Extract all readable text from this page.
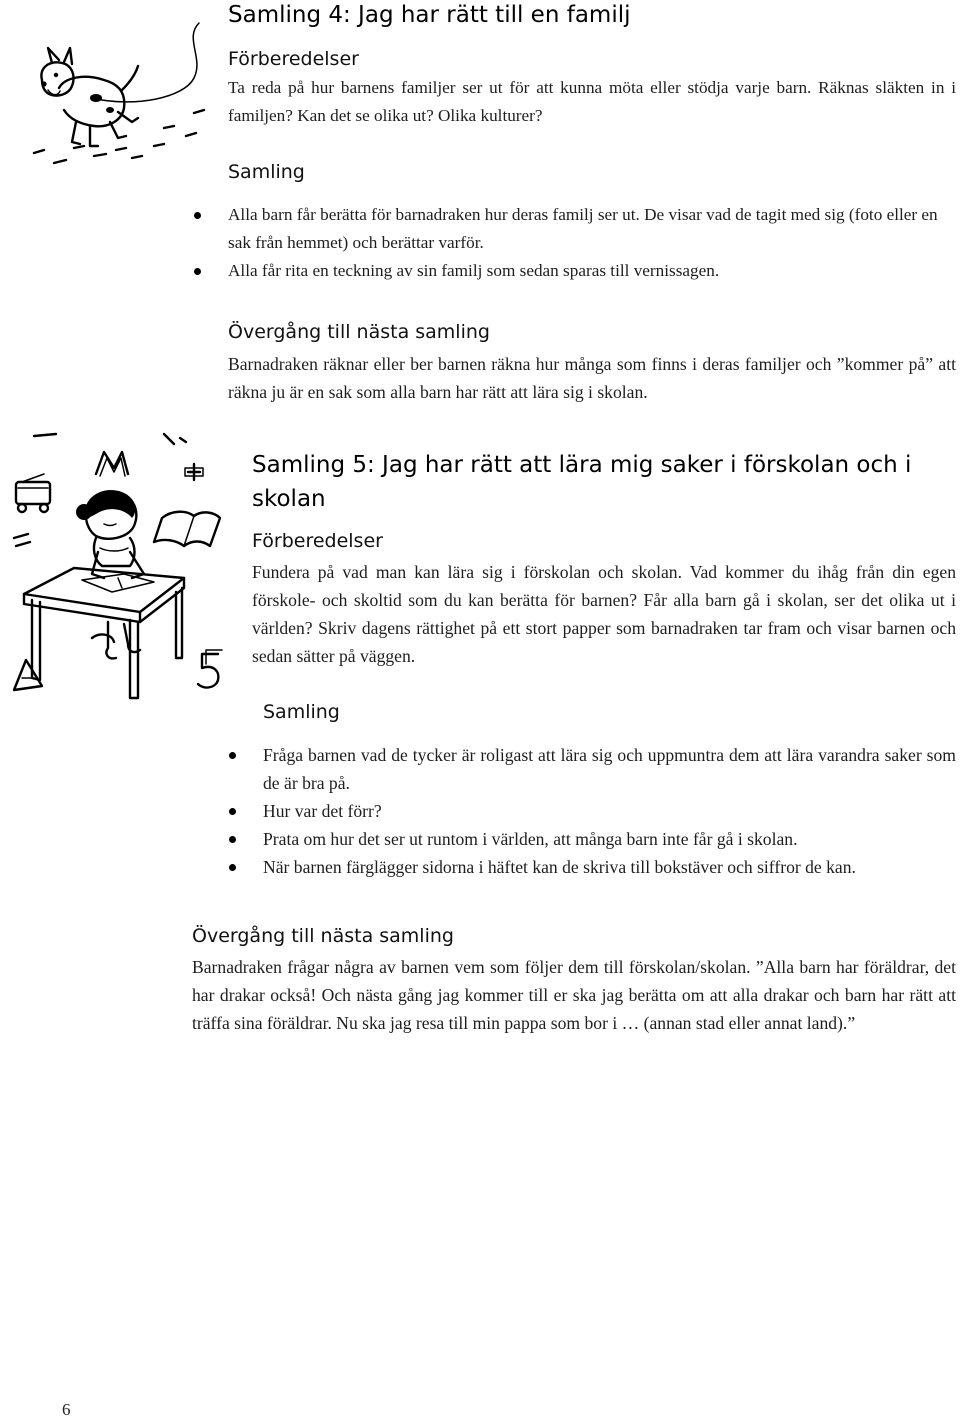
Samling 4: Jag har rätt till en familj
Förberedelser
Ta reda på hur barnens familjer ser ut för att kunna möta eller stödja varje barn. Räknas släkten in i familjen? Kan det se olika ut? Olika kulturer?
Samling
Alla barn får berätta för barnadraken hur deras familj ser ut. De visar vad de tagit med sig (foto eller en sak från hemmet) och berättar varför.
Alla får rita en teckning av sin familj som sedan sparas till vernissagen.
Övergång till nästa samling
Barnadraken räknar eller ber barnen räkna hur många som finns i deras familjer och ”kommer på” att räkna ju är en sak som alla barn har rätt att lära sig i skolan.
Samling 5: Jag har rätt att lära mig saker i förskolan och i skolan
Förberedelser
Fundera på vad man kan lära sig i förskolan och skolan. Vad kommer du ihåg från din egen förskole- och skoltid som du kan berätta för barnen? Får alla barn gå i skolan, ser det olika ut i världen? Skriv dagens rättighet på ett stort papper som barnadraken tar fram och visar barnen och sedan sätter på väggen.
Samling
Fråga barnen vad de tycker är roligast att lära sig och uppmuntra dem att lära varandra saker som de är bra på.
Hur var det förr?
Prata om hur det ser ut runtom i världen, att många barn inte får gå i skolan.
När barnen färglägger sidorna i häftet kan de skriva till bokstäver och siffror de kan.
Övergång till nästa samling
Barnadraken frågar några av barnen vem som följer dem till förskolan/skolan. ”Alla barn har föräldrar, det har drakar också! Och nästa gång jag kommer till er ska jag berätta om att alla drakar och barn har rätt att träffa sina föräldrar. Nu ska jag resa till min pappa som bor i … (annan stad eller annat land).”
6
